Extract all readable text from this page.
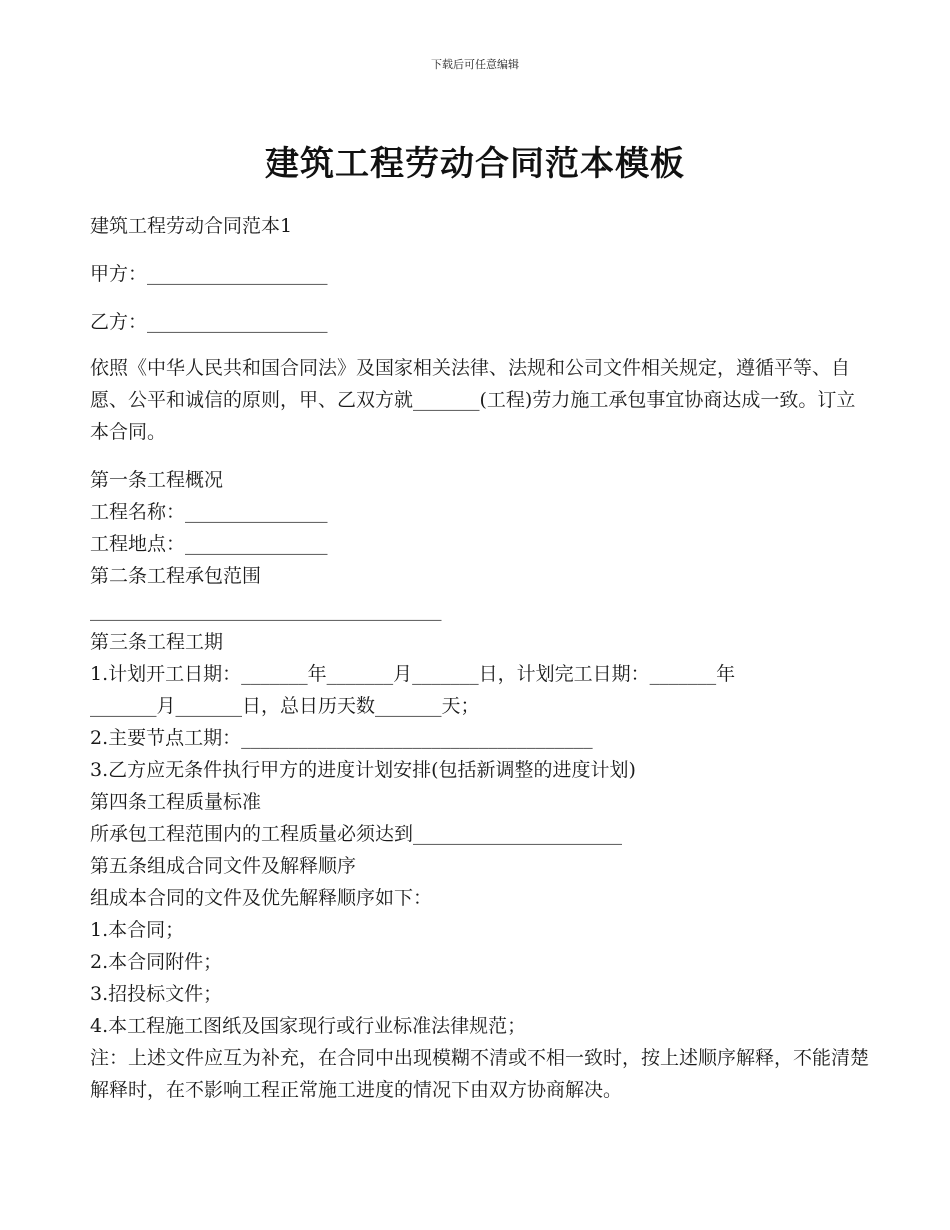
下载后可任意编辑
建筑工程劳动合同范本模板
建筑工程劳动合同范本1
甲方：___________________
乙方：___________________
依照《中华人民共和国合同法》及国家相关法律、法规和公司文件相关规定，遵循平等、自愿、公平和诚信的原则，甲、乙双方就_______(工程)劳力施工承包事宜协商达成一致。订立本合同。
第一条工程概况
工程名称：_______________
工程地点：_______________
第二条工程承包范围
_____________________________________
第三条工程工期
1.计划开工日期：_______年_______月_______日，计划完工日期：_______年
_______月_______日，总日历天数_______天；
2.主要节点工期：_____________________________________
3.乙方应无条件执行甲方的进度计划安排(包括新调整的进度计划)
第四条工程质量标准
所承包工程范围内的工程质量必须达到______________________
第五条组成合同文件及解释顺序
组成本合同的文件及优先解释顺序如下：
1.本合同；
2.本合同附件；
3.招投标文件；
4.本工程施工图纸及国家现行或行业标准法律规范；
注：上述文件应互为补充，在合同中出现模糊不清或不相一致时，按上述顺序解释，不能清楚解释时，在不影响工程正常施工进度的情况下由双方协商解决。
